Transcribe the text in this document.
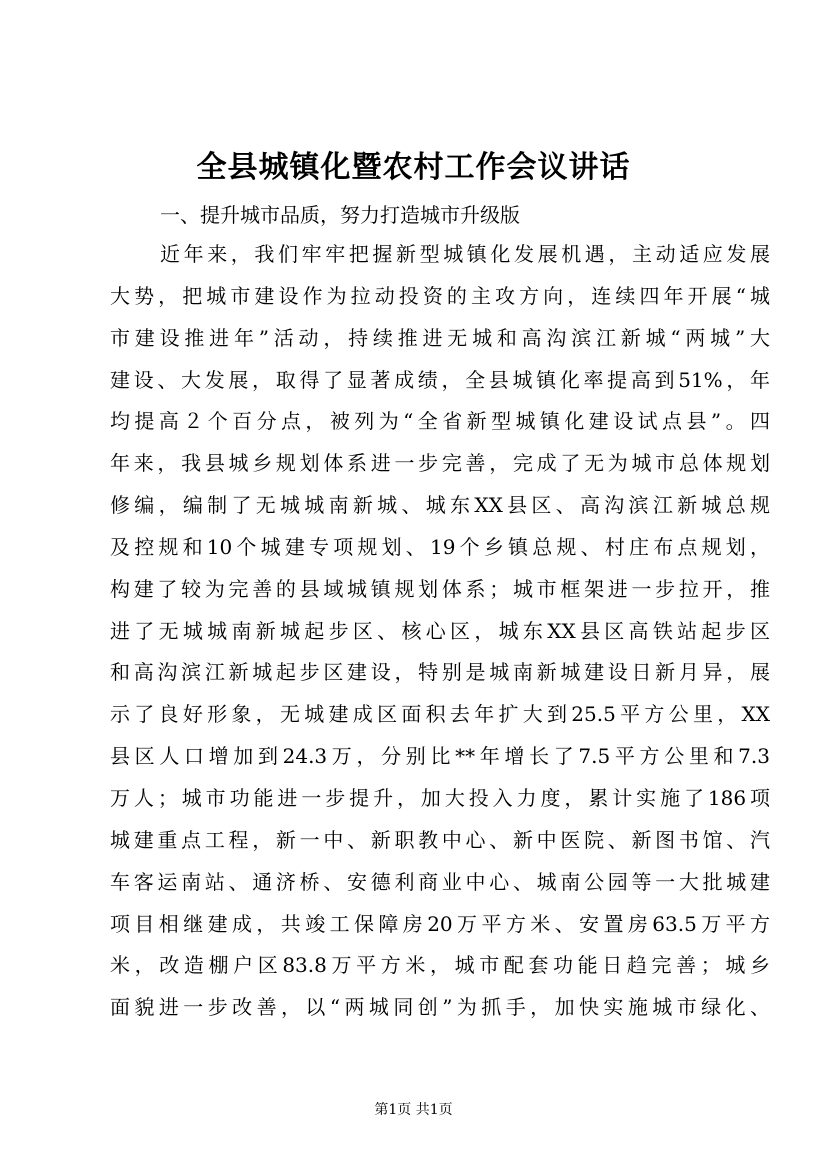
全县城镇化暨农村工作会议讲话

一、提升城市品质，努力打造城市升级版

近年来，我们牢牢把握新型城镇化发展机遇，主动适应发展
大势，把城市建设作为拉动投资的主攻方向，连续四年开展“城
市建设推进年”活动，持续推进无城和高沟滨江新城“两城”大
建设、大发展，取得了显著成绩，全县城镇化率提高到51%，年
均提高２个百分点，被列为“全省新型城镇化建设试点县”。四
年来，我县城乡规划体系进一步完善，完成了无为城市总体规划
修编，编制了无城城南新城、城东XX县区、高沟滨江新城总规
及控规和10个城建专项规划、19个乡镇总规、村庄布点规划，
构建了较为完善的县域城镇规划体系；城市框架进一步拉开，推
进了无城城南新城起步区、核心区，城东XX县区高铁站起步区
和高沟滨江新城起步区建设，特别是城南新城建设日新月异，展
示了良好形象，无城建成区面积去年扩大到25.5平方公里，XX
县区人口增加到24.3万，分别比**年增长了7.5平方公里和7.3
万人；城市功能进一步提升，加大投入力度，累计实施了186项
城建重点工程，新一中、新职教中心、新中医院、新图书馆、汽
车客运南站、通济桥、安德利商业中心、城南公园等一大批城建
项目相继建成，共竣工保障房20万平方米、安置房63.5万平方
米，改造棚户区83.8万平方米，城市配套功能日趋完善；城乡
面貌进一步改善，以“两城同创”为抓手，加快实施城市绿化、

第1页 共1页
